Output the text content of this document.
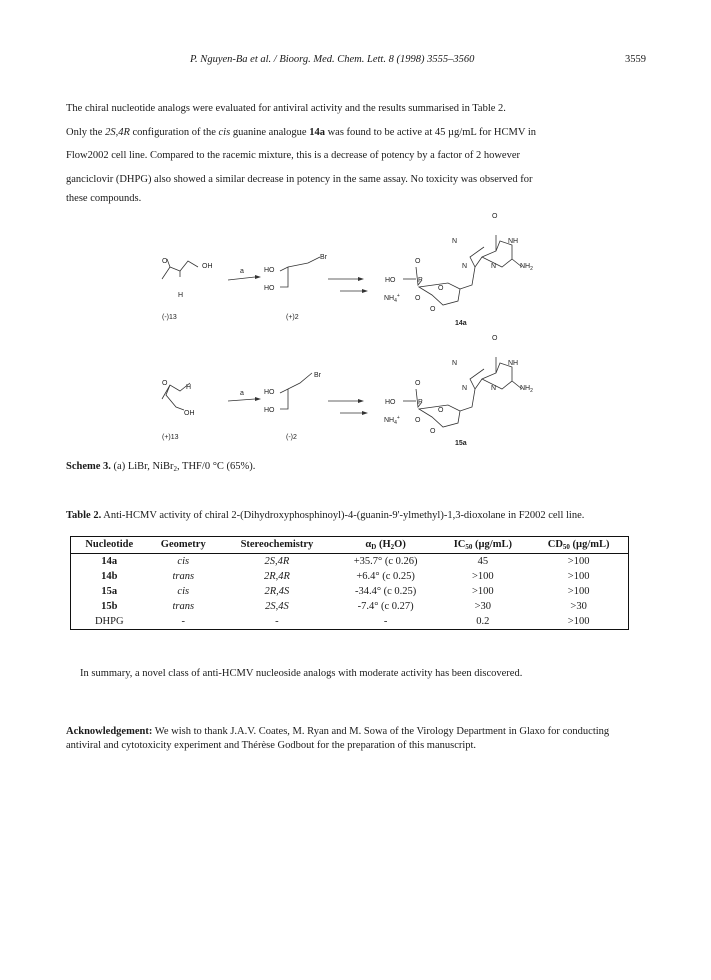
P. Nguyen-Ba et al. / Bioorg. Med. Chem. Lett. 8 (1998) 3555–3560	3559
The chiral nucleotide analogs were evaluated for antiviral activity and the results summarised in Table 2.
Only the 2S,4R configuration of the cis guanine analogue 14a was found to be active at 45 µg/mL for HCMV in
Flow2002 cell line. Compared to the racemic mixture, this is a decrease of potency by a factor of 2 however
ganciclovir (DHPG) also showed a similar decrease in potency in the same assay. No toxicity was observed for
these compounds.
O
OH
H
(-)13
a	HO
HO
Br
(+)2
O
HO	P
$NH_4^+$ O
O
O
14a
O
N	NH
N	N	$NH_2$
O
H
OH
(+)13
a	HO
HO
Br
(-)2
O
HO	P
$NH_4^+$ O
O
O
15a
O
N	NH
N	N	$NH_2$
Scheme 3. (a) LiBr, NiBr$_2$, THF/0 °C (65%).
Table 2. Anti-HCMV activity of chiral 2-(Dihydroxyphosphinoyl)-4-(guanin-9'-ylmethyl)-1,3-dioxolane in F2002 cell line.
Nucleotide	Geometry	Stereochemistry	$\alpha_D$ $(H_2O)$	$IC_{50}$ (µg/mL)	$CD_{50}$ (µg/mL)
14a	cis	2S,4R	+35.7° (c 0.26)	45	>100
14b	trans	2R,4R	+6.4° (c 0.25)	>100	>100
15a	cis	2R,4S	-34.4° (c 0.25)	>100	>100
15b	trans	2S,4S	-7.4° (c 0.27)	>30	>30
DHPG	-	-	-	0.2	>100
In summary, a novel class of anti-HCMV nucleoside analogs with moderate activity has been discovered.
Acknowledgement: We wish to thank J.A.V. Coates, M. Ryan and M. Sowa of the Virology Department in Glaxo for conducting antiviral and cytotoxicity experiment and Thérèse Godbout for the preparation of this manuscript.
